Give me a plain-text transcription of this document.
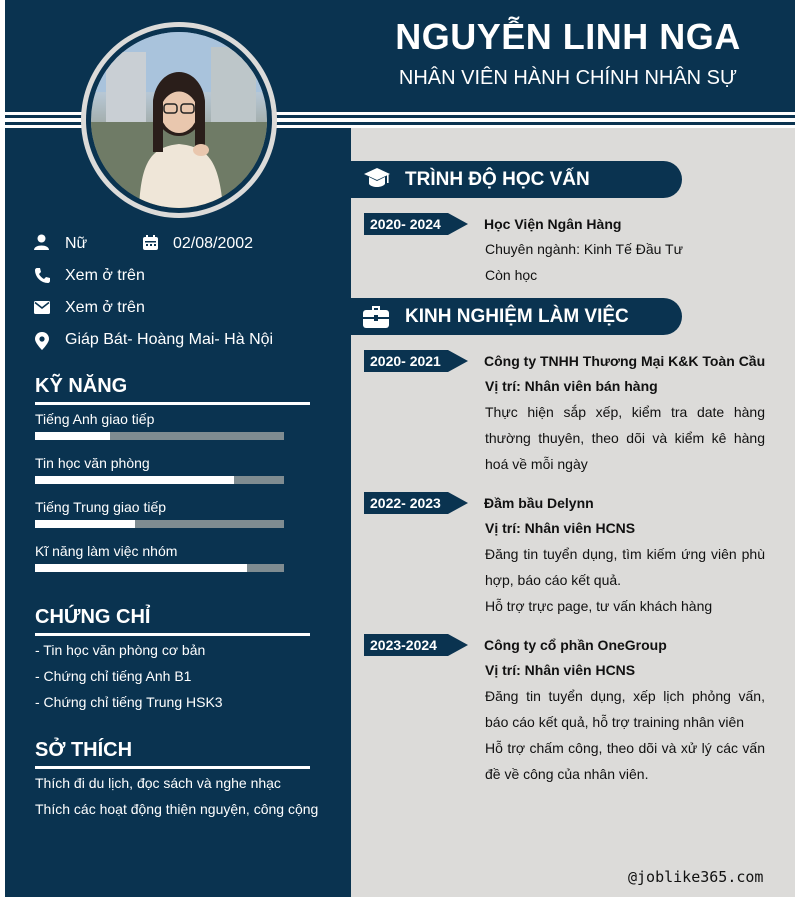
NGUYỄN LINH NGA
NHÂN VIÊN HÀNH CHÍNH NHÂN SỰ
Nữ	02/08/2002
Xem ở trên
Xem ở trên
Giáp Bát- Hoàng Mai- Hà Nội
KỸ NĂNG
Tiếng Anh giao tiếp
Tin học văn phòng
Tiếng Trung giao tiếp
Kĩ năng làm việc nhóm
CHỨNG CHỈ
- Tin học văn phòng cơ bản
- Chứng chỉ tiếng Anh B1
- Chứng chỉ tiếng Trung HSK3
SỞ THÍCH
Thích đi du lịch, đọc sách và nghe nhạc
Thích các hoạt động thiện nguyện, công cộng
TRÌNH ĐỘ HỌC VẤN
2020- 2024	Học Viện Ngân Hàng
Chuyên ngành: Kinh Tế Đầu Tư
Còn học
KINH NGHIỆM LÀM VIỆC
2020- 2021	Công ty TNHH Thương Mại K&K Toàn Cầu
Vị trí: Nhân viên bán hàng
Thực hiện sắp xếp, kiểm tra date hàng thường thuyên, theo dõi và kiểm kê hàng hoá về mỗi ngày
2022- 2023	Đầm bầu Delynn
Vị trí: Nhân viên HCNS
Đăng tin tuyển dụng, tìm kiếm ứng viên phù hợp, báo cáo kết quả.
Hỗ trợ trực page, tư vấn khách hàng
2023-2024	Công ty cổ phần OneGroup
Vị trí: Nhân viên HCNS
Đăng tin tuyển dụng, xếp lịch phỏng vấn, báo cáo kết quả, hỗ trợ training nhân viên
Hỗ trợ chấm công, theo dõi và xử lý các vấn đề về công của nhân viên.
@joblike365.com
